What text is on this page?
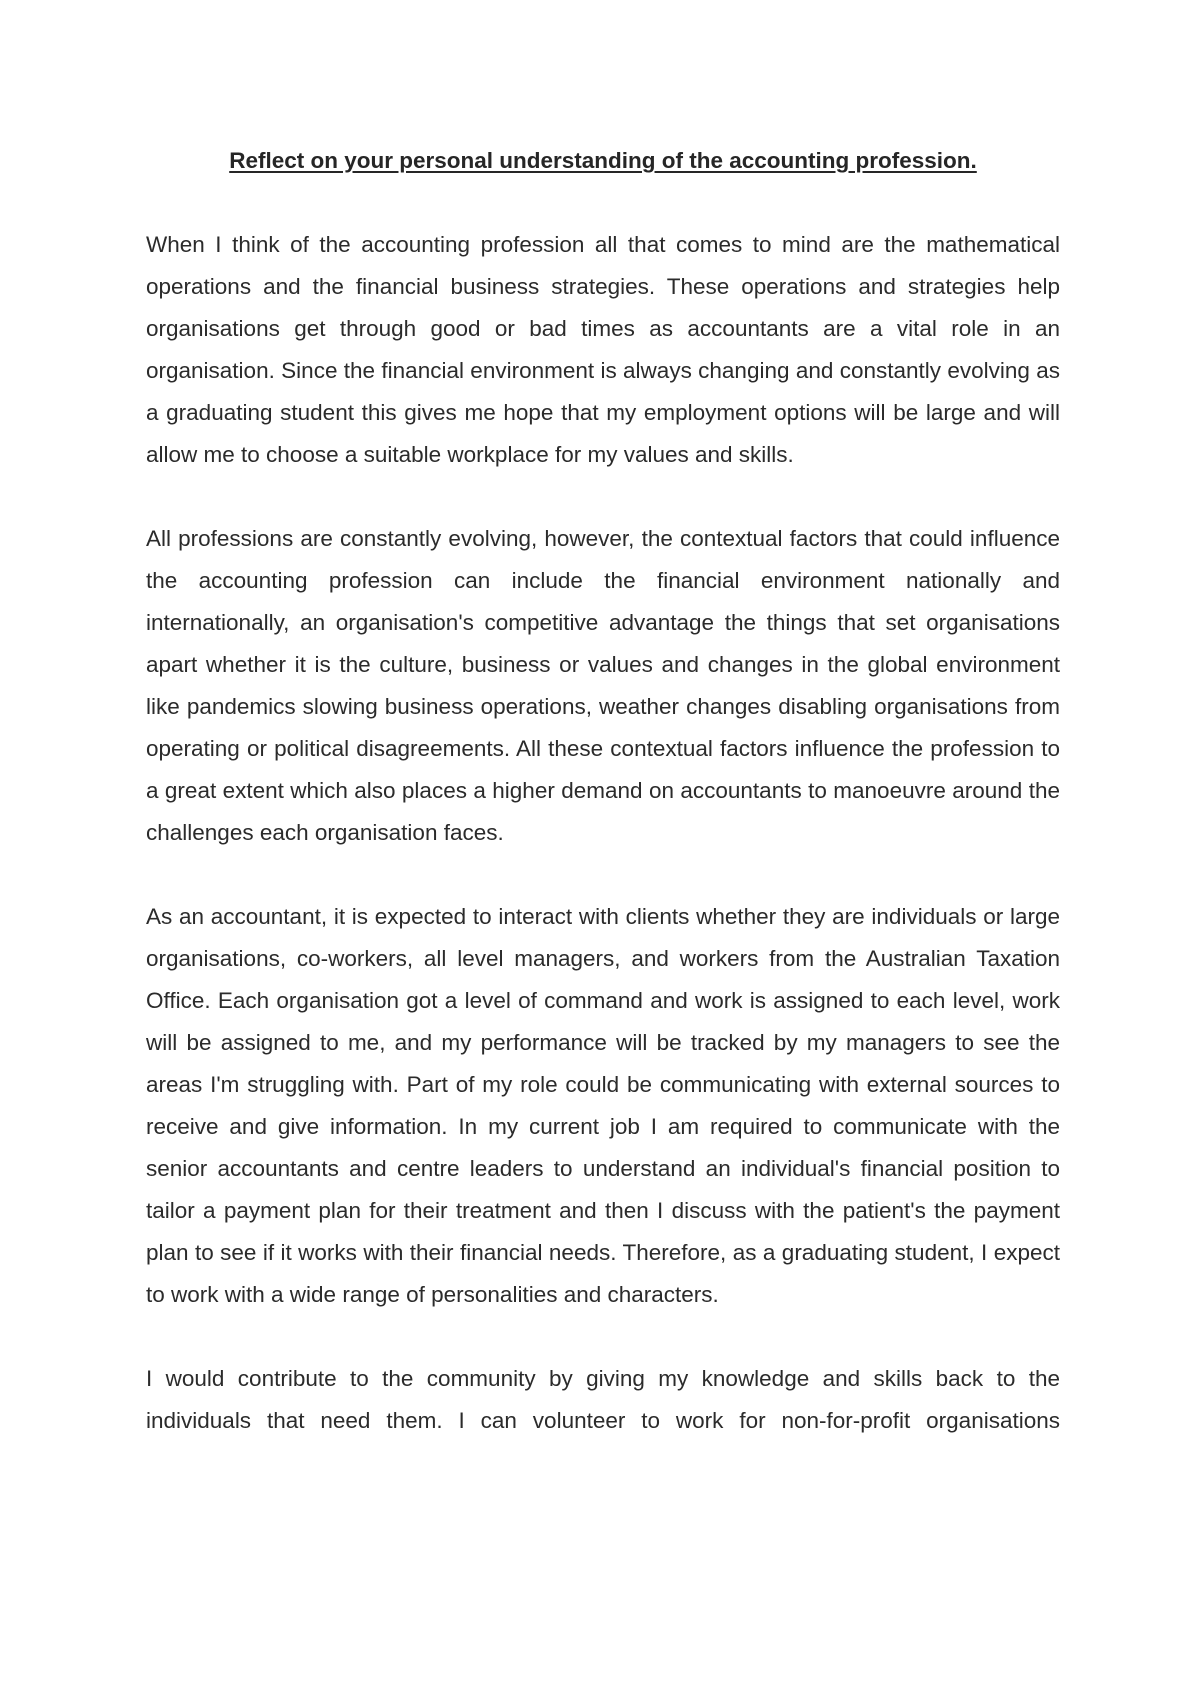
Reflect on your personal understanding of the accounting profession.

When I think of the accounting profession all that comes to mind are the mathematical operations and the financial business strategies. These operations and strategies help organisations get through good or bad times as accountants are a vital role in an organisation. Since the financial environment is always changing and constantly evolving as a graduating student this gives me hope that my employment options will be large and will allow me to choose a suitable workplace for my values and skills.

All professions are constantly evolving, however, the contextual factors that could influence the accounting profession can include the financial environment nationally and internationally, an organisation's competitive advantage the things that set organisations apart whether it is the culture, business or values and changes in the global environment like pandemics slowing business operations, weather changes disabling organisations from operating or political disagreements. All these contextual factors influence the profession to a great extent which also places a higher demand on accountants to manoeuvre around the challenges each organisation faces.

As an accountant, it is expected to interact with clients whether they are individuals or large organisations, co-workers, all level managers, and workers from the Australian Taxation Office. Each organisation got a level of command and work is assigned to each level, work will be assigned to me, and my performance will be tracked by my managers to see the areas I'm struggling with. Part of my role could be communicating with external sources to receive and give information. In my current job I am required to communicate with the senior accountants and centre leaders to understand an individual's financial position to tailor a payment plan for their treatment and then I discuss with the patient's the payment plan to see if it works with their financial needs. Therefore, as a graduating student, I expect to work with a wide range of personalities and characters.

I would contribute to the community by giving my knowledge and skills back to the individuals that need them. I can volunteer to work for non-for-profit organisations
